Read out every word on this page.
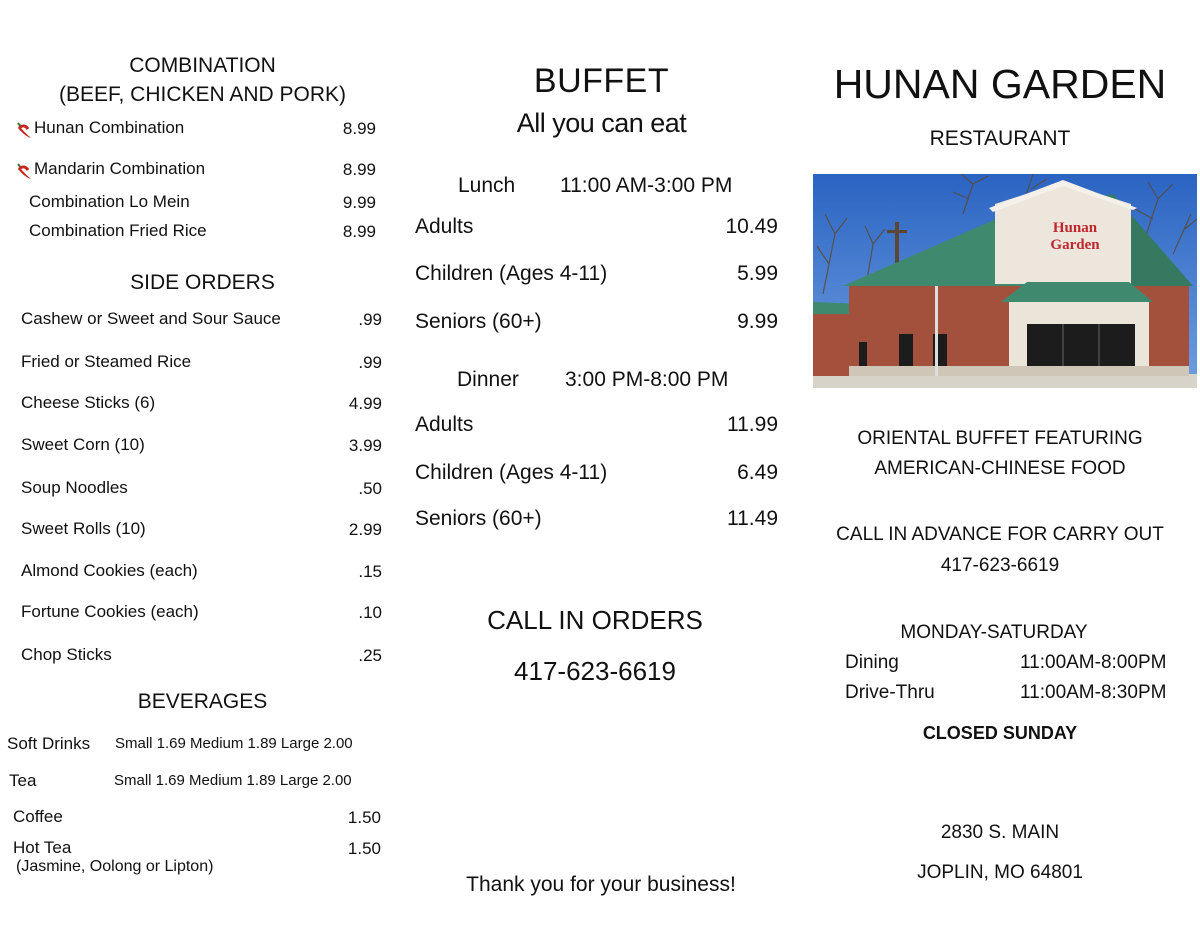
COMBINATION
(BEEF, CHICKEN AND PORK)
Hunan Combination	8.99
Mandarin Combination	8.99
Combination Lo Mein	9.99
Combination Fried Rice	8.99
SIDE ORDERS
Cashew or Sweet and Sour Sauce	.99
Fried or Steamed Rice	.99
Cheese Sticks (6)	4.99
Sweet Corn (10)	3.99
Soup Noodles	.50
Sweet Rolls (10)	2.99
Almond Cookies (each)	.15
Fortune Cookies (each)	.10
Chop Sticks	.25
BEVERAGES
Soft Drinks Small 1.69 Medium 1.89 Large 2.00
Tea	Small 1.69 Medium 1.89 Large 2.00
Coffee	1.50
Hot Tea	1.50
(Jasmine, Oolong or Lipton)
BUFFET
All you can eat
Lunch 11:00 AM-3:00 PM
Adults	10.49
Children (Ages 4-11)	5.99
Seniors (60+)	9.99
Dinner 3:00 PM-8:00 PM
Adults	11.99
Children (Ages 4-11)	6.49
Seniors (60+)	11.49
CALL IN ORDERS
417-623-6619
Thank you for your business!
HUNAN GARDEN
RESTAURANT
Hunan
Garden
ORIENTAL BUFFET FEATURING
AMERICAN-CHINESE FOOD
CALL IN ADVANCE FOR CARRY OUT
417-623-6619
MONDAY-SATURDAY
Dining	11:00AM-8:00PM
Drive-Thru	11:00AM-8:30PM
CLOSED SUNDAY
2830 S. MAIN
JOPLIN, MO 64801
